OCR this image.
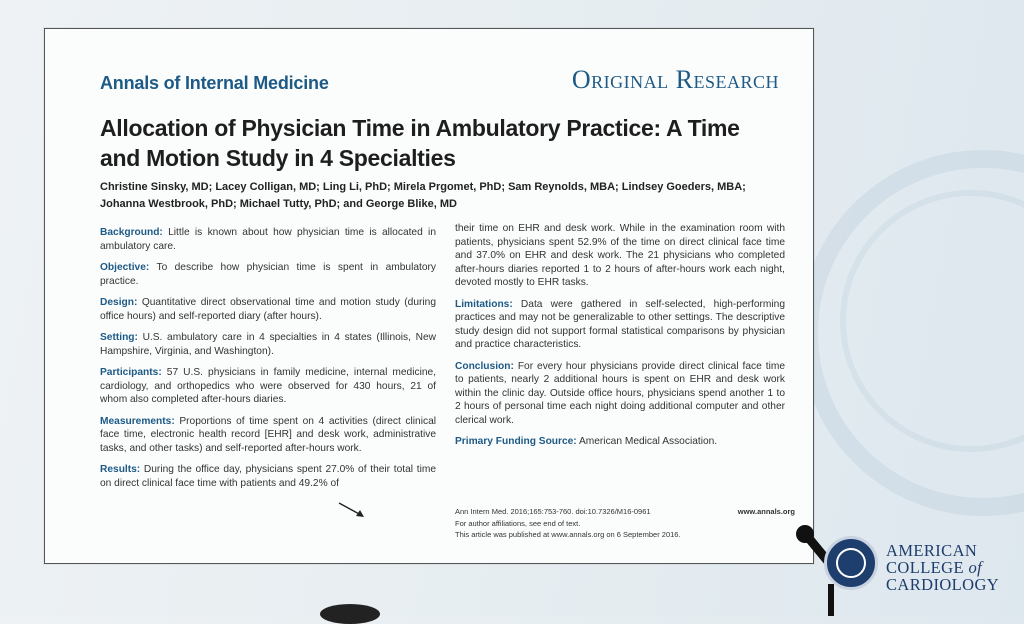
Annals of Internal Medicine	Original Research
Allocation of Physician Time in Ambulatory Practice: A Time and Motion Study in 4 Specialties
Christine Sinsky, MD; Lacey Colligan, MD; Ling Li, PhD; Mirela Prgomet, PhD; Sam Reynolds, MBA; Lindsey Goeders, MBA; Johanna Westbrook, PhD; Michael Tutty, PhD; and George Blike, MD

Background: Little is known about how physician time is allocated in ambulatory care.

Objective: To describe how physician time is spent in ambulatory practice.

Design: Quantitative direct observational time and motion study (during office hours) and self-reported diary (after hours).

Setting: U.S. ambulatory care in 4 specialties in 4 states (Illinois, New Hampshire, Virginia, and Washington).

Participants: 57 U.S. physicians in family medicine, internal medicine, cardiology, and orthopedics who were observed for 430 hours, 21 of whom also completed after-hours diaries.

Measurements: Proportions of time spent on 4 activities (direct clinical face time, electronic health record [EHR] and desk work, administrative tasks, and other tasks) and self-reported after-hours work.

Results: During the office day, physicians spent 27.0% of their total time on direct clinical face time with patients and 49.2% of

their time on EHR and desk work. While in the examination room with patients, physicians spent 52.9% of the time on direct clinical face time and 37.0% on EHR and desk work. The 21 physicians who completed after-hours diaries reported 1 to 2 hours of after-hours work each night, devoted mostly to EHR tasks.

Limitations: Data were gathered in self-selected, high-performing practices and may not be generalizable to other settings. The descriptive study design did not support formal statistical comparisons by physician and practice characteristics.

Conclusion: For every hour physicians provide direct clinical face time to patients, nearly 2 additional hours is spent on EHR and desk work within the clinic day. Outside office hours, physicians spend another 1 to 2 hours of personal time each night doing additional computer and other clerical work.

Primary Funding Source: American Medical Association.

Ann Intern Med. 2016;165:753-760. doi:10.7326/M16-0961	www.annals.org
For author affiliations, see end of text.
This article was published at www.annals.org on 6 September 2016.
AMERICAN
COLLEGE of
CARDIOLOGY
